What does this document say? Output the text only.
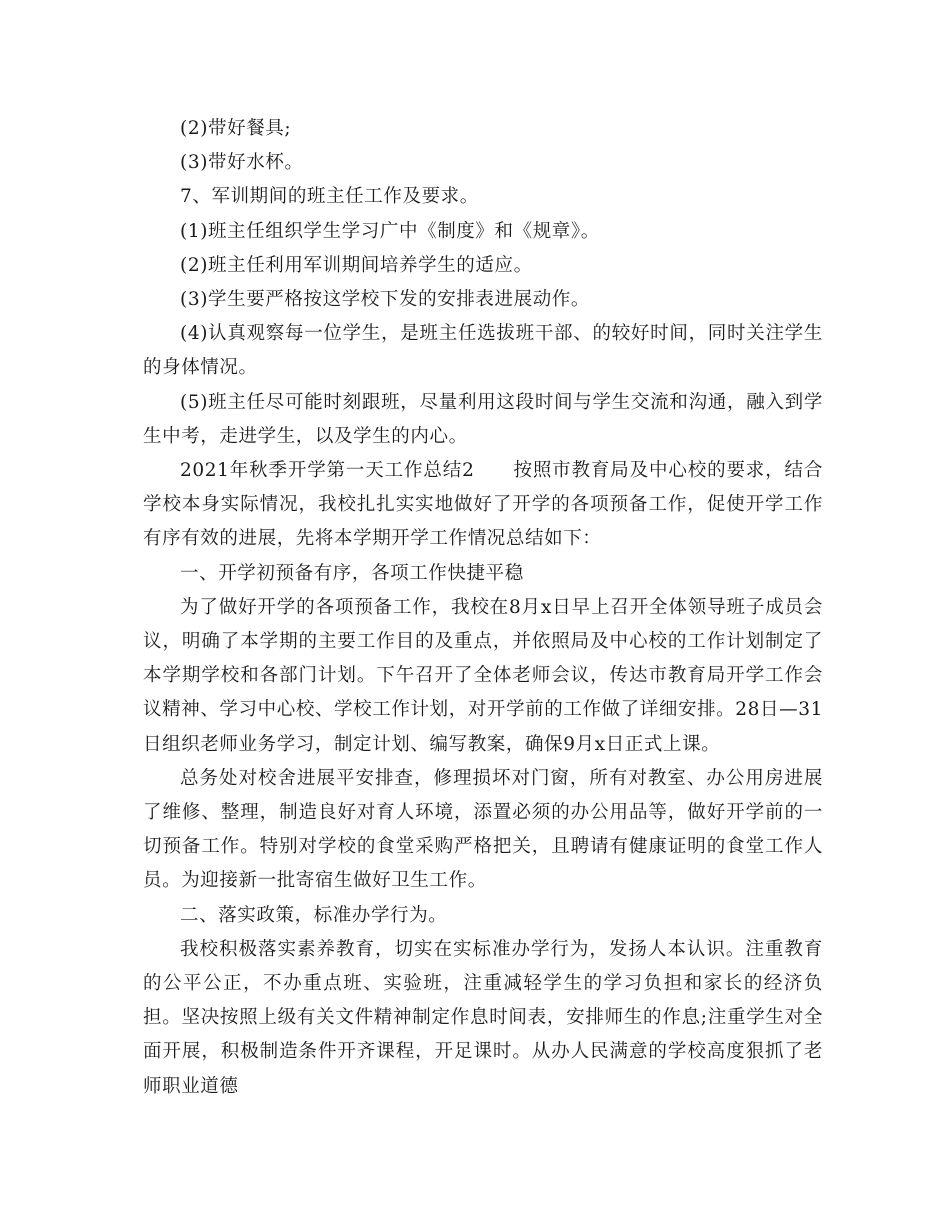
(2)带好餐具;

(3)带好水杯。

7、军训期间的班主任工作及要求。

(1)班主任组织学生学习广中《制度》和《规章》。

(2)班主任利用军训期间培养学生的适应。

(3)学生要严格按这学校下发的安排表进展动作。

(4)认真观察每一位学生，是班主任选拔班干部、的较好时间，同时关注学生的身体情况。

(5)班主任尽可能时刻跟班，尽量利用这段时间与学生交流和沟通，融入到学生中考，走进学生，以及学生的内心。

2021年秋季开学第一天工作总结2　　按照市教育局及中心校的要求，结合学校本身实际情况，我校扎扎实实地做好了开学的各项预备工作，促使开学工作有序有效的进展，先将本学期开学工作情况总结如下：

一、开学初预备有序，各项工作快捷平稳

为了做好开学的各项预备工作，我校在8月x日早上召开全体领导班子成员会议，明确了本学期的主要工作目的及重点，并依照局及中心校的工作计划制定了本学期学校和各部门计划。下午召开了全体老师会议，传达市教育局开学工作会议精神、学习中心校、学校工作计划，对开学前的工作做了详细安排。28日—31日组织老师业务学习，制定计划、编写教案，确保9月x日正式上课。

总务处对校舍进展平安排查，修理损坏对门窗，所有对教室、办公用房进展了维修、整理，制造良好对育人环境，添置必须的办公用品等，做好开学前的一切预备工作。特别对学校的食堂采购严格把关，且聘请有健康证明的食堂工作人员。为迎接新一批寄宿生做好卫生工作。

二、落实政策，标准办学行为。

我校积极落实素养教育，切实在实标准办学行为，发扬人本认识。注重教育的公平公正，不办重点班、实验班，注重减轻学生的学习负担和家长的经济负担。坚决按照上级有关文件精神制定作息时间表，安排师生的作息;注重学生对全面开展，积极制造条件开齐课程，开足课时。从办人民满意的学校高度狠抓了老师职业道德
